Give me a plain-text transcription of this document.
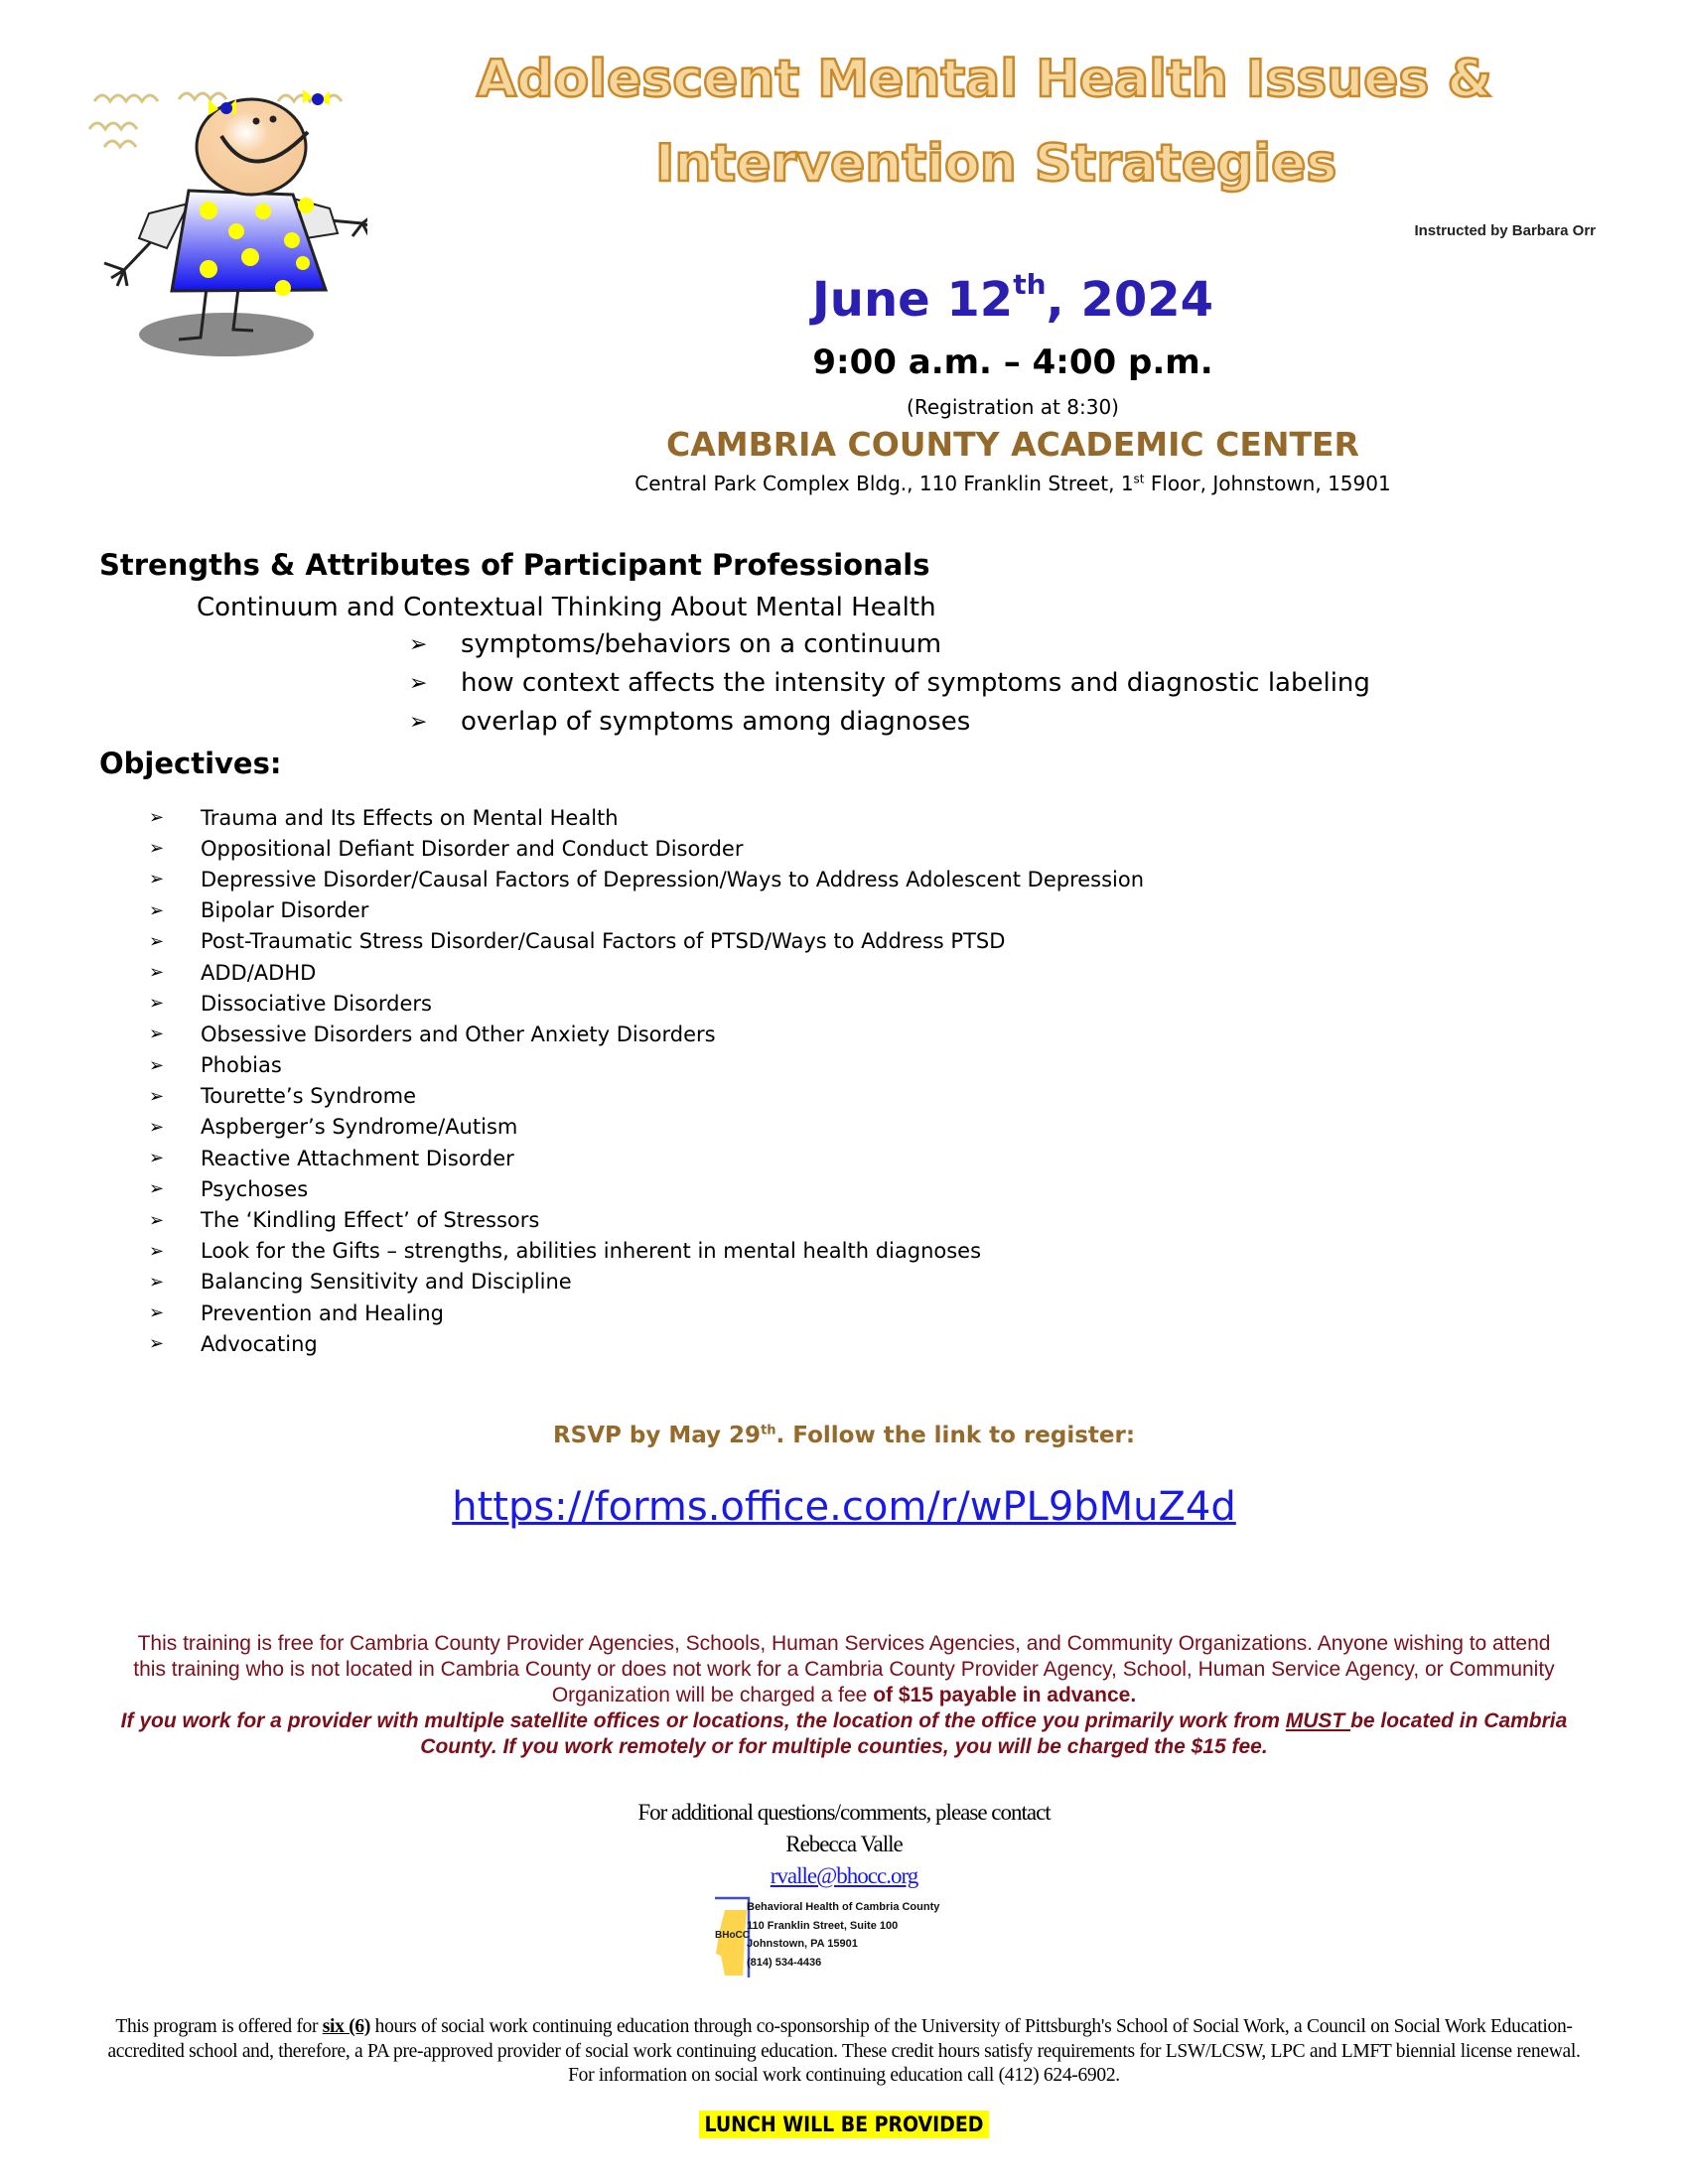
Adolescent Mental Health Issues &
Intervention Strategies
Instructed by Barbara Orr
June 12th, 2024
9:00 a.m. – 4:00 p.m.
(Registration at 8:30)
CAMBRIA COUNTY ACADEMIC CENTER
Central Park Complex Bldg., 110 Franklin Street, 1st Floor, Johnstown, 15901
Strengths & Attributes of Participant Professionals
Continuum and Contextual Thinking About Mental Health
➢	symptoms/behaviors on a continuum
➢	how context affects the intensity of symptoms and diagnostic labeling
➢	overlap of symptoms among diagnoses
Objectives:
➢	Trauma and Its Effects on Mental Health
➢	Oppositional Defiant Disorder and Conduct Disorder
➢	Depressive Disorder/Causal Factors of Depression/Ways to Address Adolescent Depression
➢	Bipolar Disorder
➢	Post-Traumatic Stress Disorder/Causal Factors of PTSD/Ways to Address PTSD
➢	ADD/ADHD
➢	Dissociative Disorders
➢	Obsessive Disorders and Other Anxiety Disorders
➢	Phobias
➢	Tourette’s Syndrome
➢	Aspberger’s Syndrome/Autism
➢	Reactive Attachment Disorder
➢	Psychoses
➢	The ‘Kindling Effect’ of Stressors
➢	Look for the Gifts – strengths, abilities inherent in mental health diagnoses
➢	Balancing Sensitivity and Discipline
➢	Prevention and Healing
➢	Advocating
RSVP by May 29th. Follow the link to register:
https://forms.office.com/r/wPL9bMuZ4d
This training is free for Cambria County Provider Agencies, Schools, Human Services Agencies, and Community Organizations. Anyone wishing to attend this training who is not located in Cambria County or does not work for a Cambria County Provider Agency, School, Human Service Agency, or Community Organization will be charged a fee of $15 payable in advance.
If you work for a provider with multiple satellite offices or locations, the location of the office you primarily work from MUST be located in Cambria County. If you work remotely or for multiple counties, you will be charged the $15 fee.
For additional questions/comments, please contact
Rebecca Valle
rvalle@bhocc.org
BHoCC
Behavioral Health of Cambria County
110 Franklin Street, Suite 100
Johnstown, PA 15901
(814) 534-4436
This program is offered for six (6) hours of social work continuing education through co-sponsorship of the University of Pittsburgh's School of Social Work, a Council on Social Work Education-accredited school and, therefore, a PA pre-approved provider of social work continuing education. These credit hours satisfy requirements for LSW/LCSW, LPC and LMFT biennial license renewal. For information on social work continuing education call (412) 624-6902.
LUNCH WILL BE PROVIDED
